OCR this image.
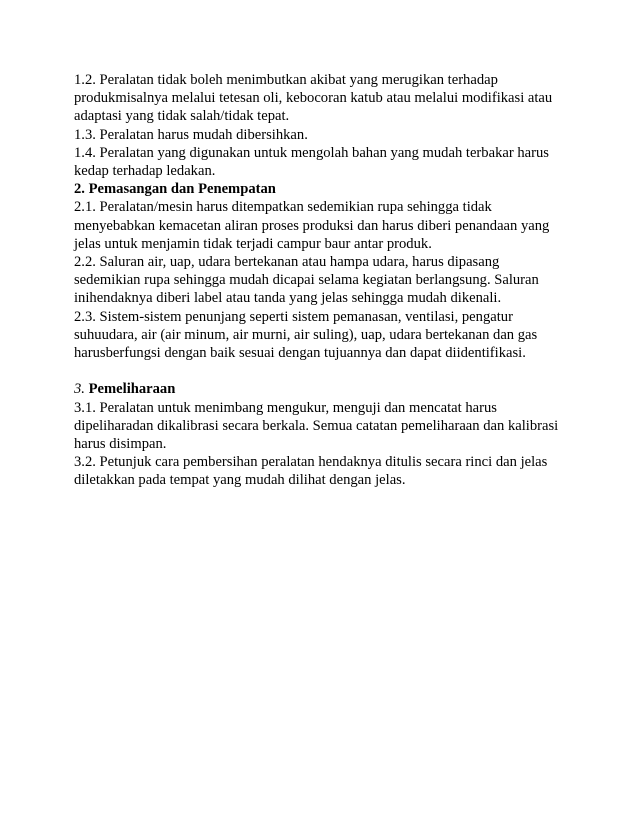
1.2. Peralatan tidak boleh menimbutkan akibat yang merugikan terhadap
produkmisalnya melalui tetesan oli, kebocoran katub atau melalui modifikasi atau
adaptasi yang tidak salah/tidak tepat.
1.3. Peralatan harus mudah dibersihkan.
1.4. Peralatan yang digunakan untuk mengolah bahan yang mudah terbakar harus
kedap terhadap ledakan.
2. Pemasangan dan Penempatan
2.1. Peralatan/mesin harus ditempatkan sedemikian rupa sehingga tidak
menyebabkan kemacetan aliran proses produksi dan harus diberi penandaan yang
jelas untuk menjamin tidak terjadi campur baur antar produk.
2.2. Saluran air, uap, udara bertekanan atau hampa udara, harus dipasang
sedemikian rupa sehingga mudah dicapai selama kegiatan berlangsung. Saluran
inihendaknya diberi label atau tanda yang jelas sehingga mudah dikenali.
2.3. Sistem-sistem penunjang seperti sistem pemanasan, ventilasi, pengatur
suhuudara, air (air minum, air murni, air suling), uap, udara bertekanan dan gas
harusberfungsi dengan baik sesuai dengan tujuannya dan dapat diidentifikasi.
3. Pemeliharaan
3.1. Peralatan untuk menimbang mengukur, menguji dan mencatat harus
dipeliharadan dikalibrasi secara berkala. Semua catatan pemeliharaan dan kalibrasi
harus disimpan.
3.2. Petunjuk cara pembersihan peralatan hendaknya ditulis secara rinci dan jelas
diletakkan pada tempat yang mudah dilihat dengan jelas.
